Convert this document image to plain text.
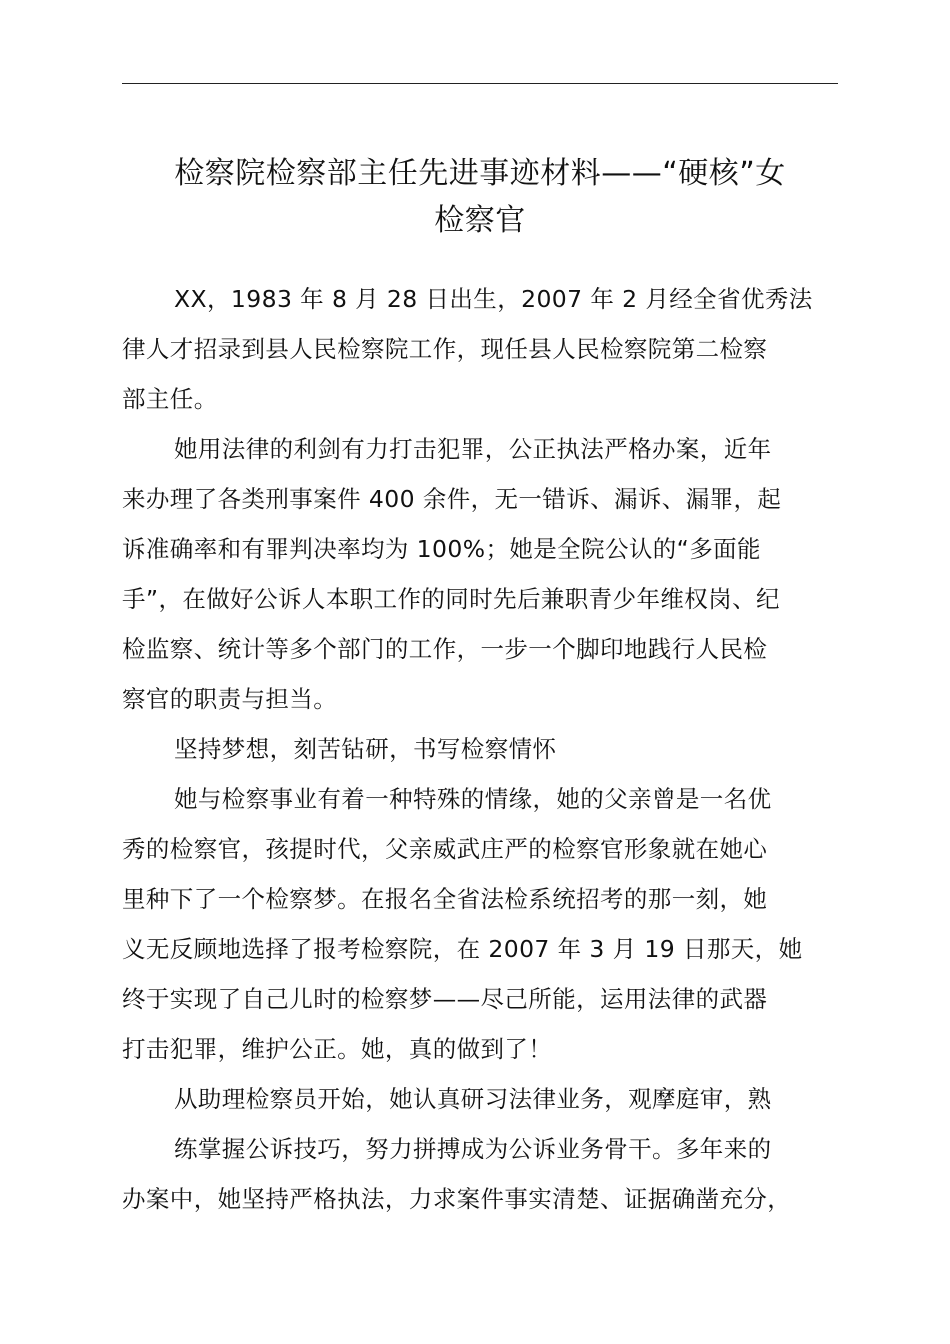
检察院检察部主任先进事迹材料——“硬核”女
检察官
XX，1983 年 8 月 28 日出生，2007 年 2 月经全省优秀法
律人才招录到县人民检察院工作，现任县人民检察院第二检察
部主任。
她用法律的利剑有力打击犯罪，公正执法严格办案，近年
来办理了各类刑事案件 400 余件，无一错诉、漏诉、漏罪，起
诉准确率和有罪判决率均为 100%；她是全院公认的“多面能
手”，在做好公诉人本职工作的同时先后兼职青少年维权岗、纪
检监察、统计等多个部门的工作，一步一个脚印地践行人民检
察官的职责与担当。
坚持梦想，刻苦钻研，书写检察情怀
她与检察事业有着一种特殊的情缘，她的父亲曾是一名优
秀的检察官，孩提时代，父亲威武庄严的检察官形象就在她心
里种下了一个检察梦。在报名全省法检系统招考的那一刻，她
义无反顾地选择了报考检察院，在 2007 年 3 月 19 日那天，她
终于实现了自己儿时的检察梦——尽己所能，运用法律的武器
打击犯罪，维护公正。她，真的做到了！
从助理检察员开始，她认真研习法律业务，观摩庭审，熟
练掌握公诉技巧，努力拼搏成为公诉业务骨干。多年来的
办案中，她坚持严格执法，力求案件事实清楚、证据确凿充分，
